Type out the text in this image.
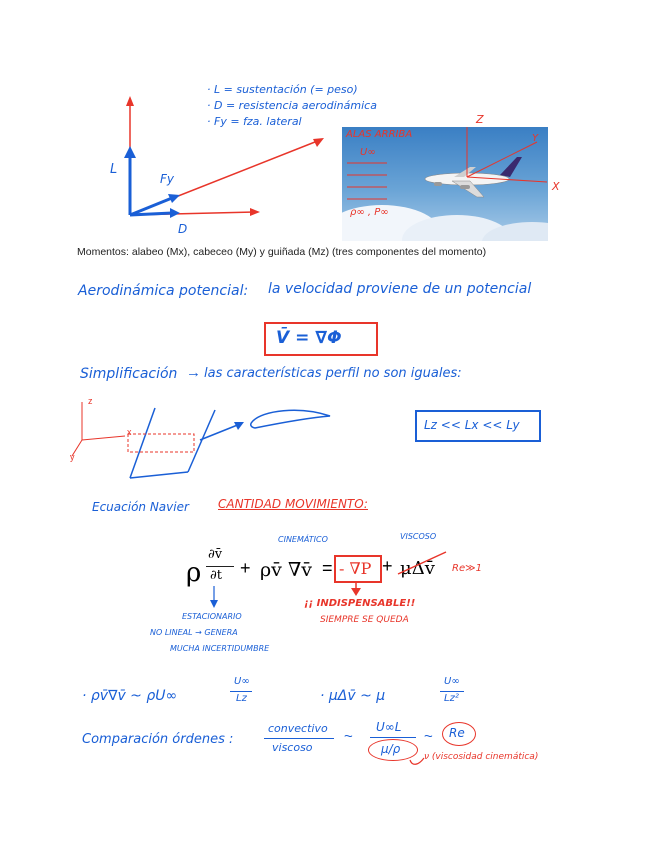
· L = sustentación (= peso)
· D = resistencia aerodinámica
· Fy = fza. lateral
L
Fy
D
ALAS ARRIBA
U∞
ρ∞ , P∞
Y
Z
X
Momentos: alabeo (Mx), cabeceo (My) y guiñada (Mz) (tres componentes del momento)
Aerodinámica potencial: la velocidad proviene de un potencial
V̄ = ∇Φ
Simplificación → las características perfil no son iguales:
z
x
y
Lz << Lx << Ly
Ecuación Navier CANTIDAD MOVIMIENTO:
CINEMÁTICO	VISCOSO
ρ
∂v̄
∂t + ρv̄ ∇v̄ = - ∇P + μΔv̄ Re≫1
¡¡ INDISPENSABLE!!
SIEMPRE SE QUEDA
ESTACIONARIO
NO LINEAL → GENERA
MUCHA INCERTIDUMBRE
· ρv̄∇v̄ ~ ρU∞
U∞
Lz	· μΔv̄ ~ μ
U∞
Lz²
Comparación órdenes :
convectivo
viscoso
~
U∞L
μ/ρ
~ Re
ν (viscosidad cinemática)
